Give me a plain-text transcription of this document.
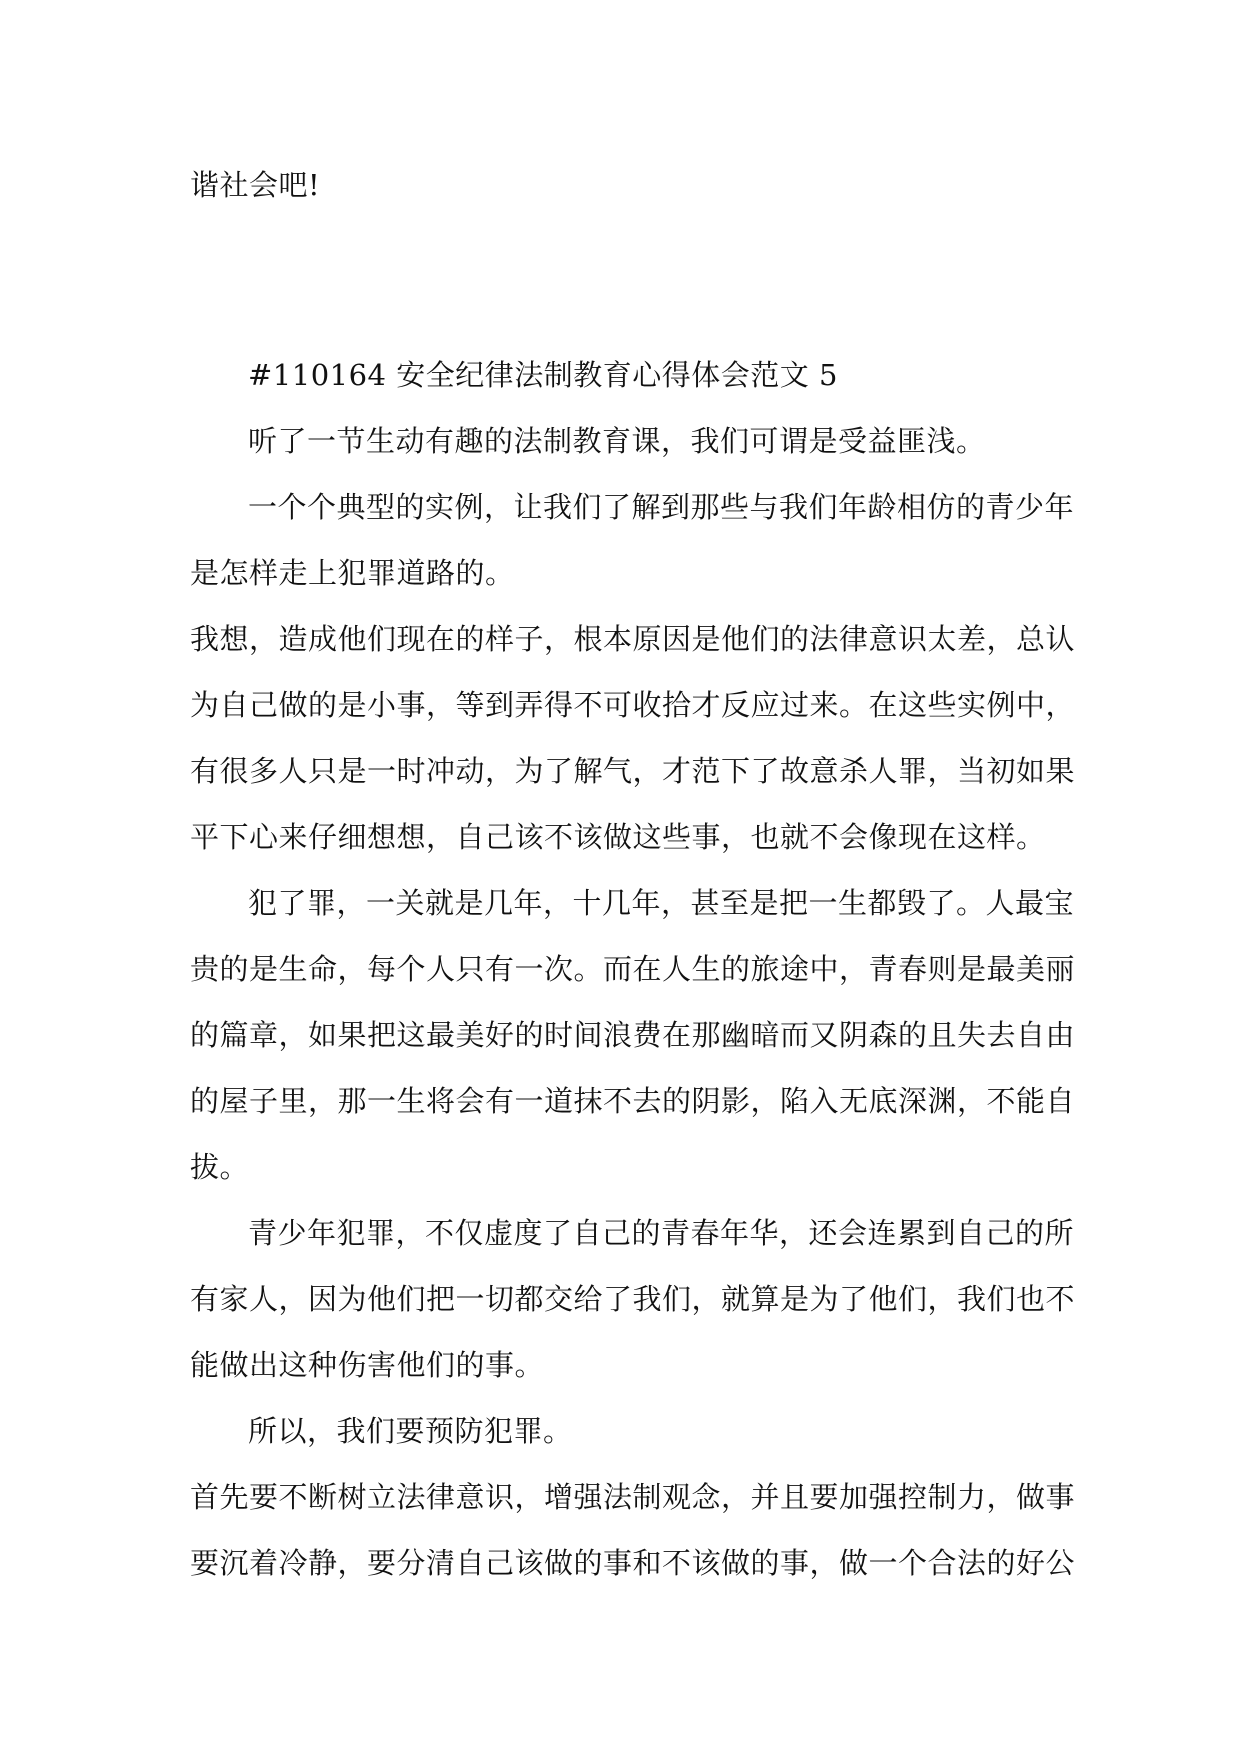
谐社会吧!
#110164 安全纪律法制教育心得体会范文 5
听了一节生动有趣的法制教育课，我们可谓是受益匪浅。
一个个典型的实例，让我们了解到那些与我们年龄相仿的青少年
是怎样走上犯罪道路的。
我想，造成他们现在的样子，根本原因是他们的法律意识太差，总认
为自己做的是小事，等到弄得不可收拾才反应过来。在这些实例中，
有很多人只是一时冲动，为了解气，才范下了故意杀人罪，当初如果
平下心来仔细想想，自己该不该做这些事，也就不会像现在这样。
犯了罪，一关就是几年，十几年，甚至是把一生都毁了。人最宝
贵的是生命，每个人只有一次。而在人生的旅途中，青春则是最美丽
的篇章，如果把这最美好的时间浪费在那幽暗而又阴森的且失去自由
的屋子里，那一生将会有一道抹不去的阴影，陷入无底深渊，不能自
拔。
青少年犯罪，不仅虚度了自己的青春年华，还会连累到自己的所
有家人，因为他们把一切都交给了我们，就算是为了他们，我们也不
能做出这种伤害他们的事。
所以，我们要预防犯罪。
首先要不断树立法律意识，增强法制观念，并且要加强控制力，做事
要沉着冷静，要分清自己该做的事和不该做的事，做一个合法的好公
